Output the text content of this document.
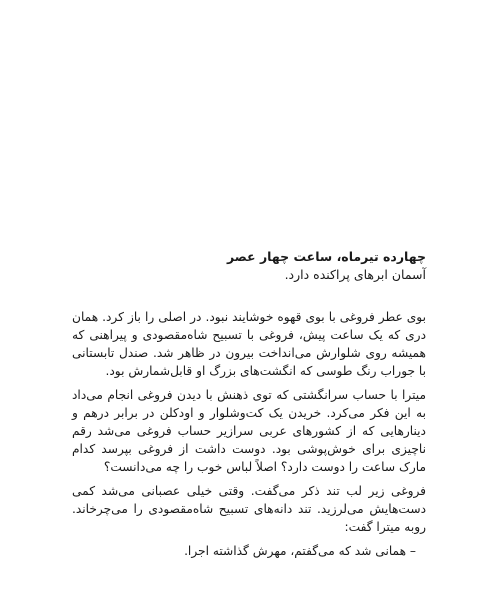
چهارده تیرماه، ساعت چهار عصر

آسمان ابرهای پراکنده دارد.

بوی عطر فروغی با بوی قهوه خوشایند نبود. در اصلی را باز کرد. همان دری که یک ساعت پیش، فروغی با تسبیح شاه‌مقصودی و پیراهنی که همیشه روی شلوارش می‌انداخت بیرون در ظاهر شد. صندل تابستانی با جوراب رنگ طوسی که انگشت‌های بزرگ او قابل‌شمارش بود.

میترا با حساب سرانگشتی که توی ذهنش با دیدن فروغی انجام می‌داد به این فکر می‌کرد. خریدن یک کت‌وشلوار و اودکلن در برابر درهم و دینارهایی که از کشورهای عربی سرازیر حساب فروغی می‌شد رقم ناچیزی برای خوش‌پوشی بود. دوست داشت از فروغی بپرسد کدام مارک ساعت را دوست دارد؟ اصلاً لباس خوب را چه می‌دانست؟

فروغی زیر لب تند ذکر می‌گفت. وقتی خیلی عصبانی می‌شد کمی دست‌هایش می‌لرزید. تند دانه‌های تسبیح شاه‌مقصودی را می‌چرخاند. روبه میترا گفت:

– همانی شد که می‌گفتم، مهرش گذاشته اجرا.
